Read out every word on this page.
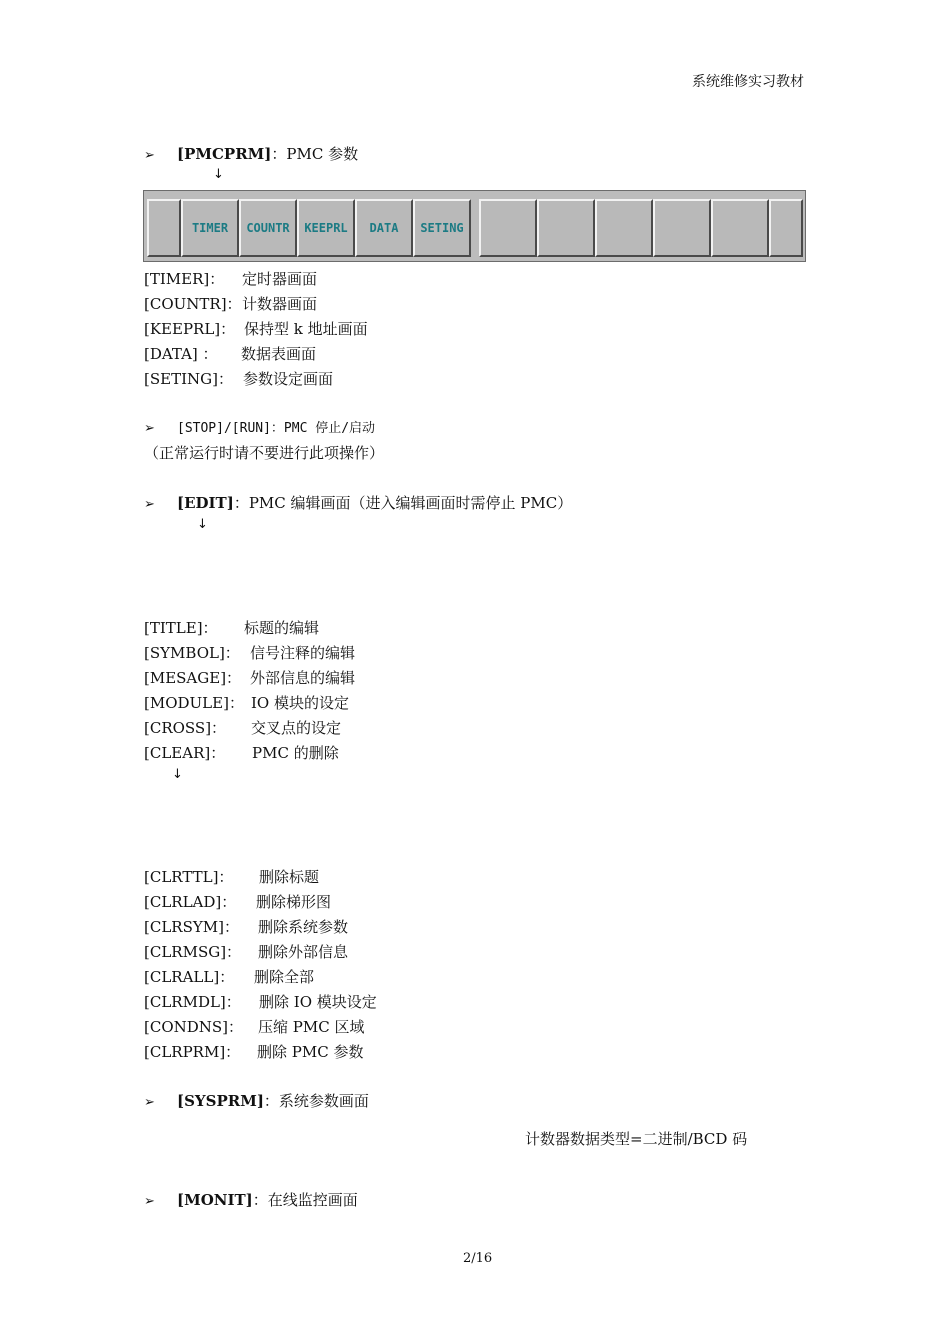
系统维修实习教材
➢ [PMCPRM]：PMC 参数
↓
TIMER	COUNTR	KEEPRL	DATA	SETING
[TIMER]： 定时器画面
[COUNTR]： 计数器画面
[KEEPRL]： 保持型 k 地址画面
[DATA] ： 数据表画面
[SETING]： 参数设定画面
➢ [STOP]/[RUN]：PMC 停止/启动
（正常运行时请不要进行此项操作）
➢ [EDIT]：PMC 编辑画面（进入编辑画面时需停止 PMC）
↓
[TITLE]： 标题的编辑
[SYMBOL]： 信号注释的编辑
[MESAGE]： 外部信息的编辑
[MODULE]： IO 模块的设定
[CROSS]： 交叉点的设定
[CLEAR]： PMC 的删除
↓
[CLRTTL]： 删除标题
[CLRLAD]： 删除梯形图
[CLRSYM]： 删除系统参数
[CLRMSG]： 删除外部信息
[CLRALL]： 删除全部
[CLRMDL]： 删除 IO 模块设定
[CONDNS]： 压缩 PMC 区域
[CLRPRM]： 删除 PMC 参数
➢ [SYSPRM]：系统参数画面
计数器数据类型=二进制/BCD 码
➢ [MONIT]：在线监控画面
2/16
